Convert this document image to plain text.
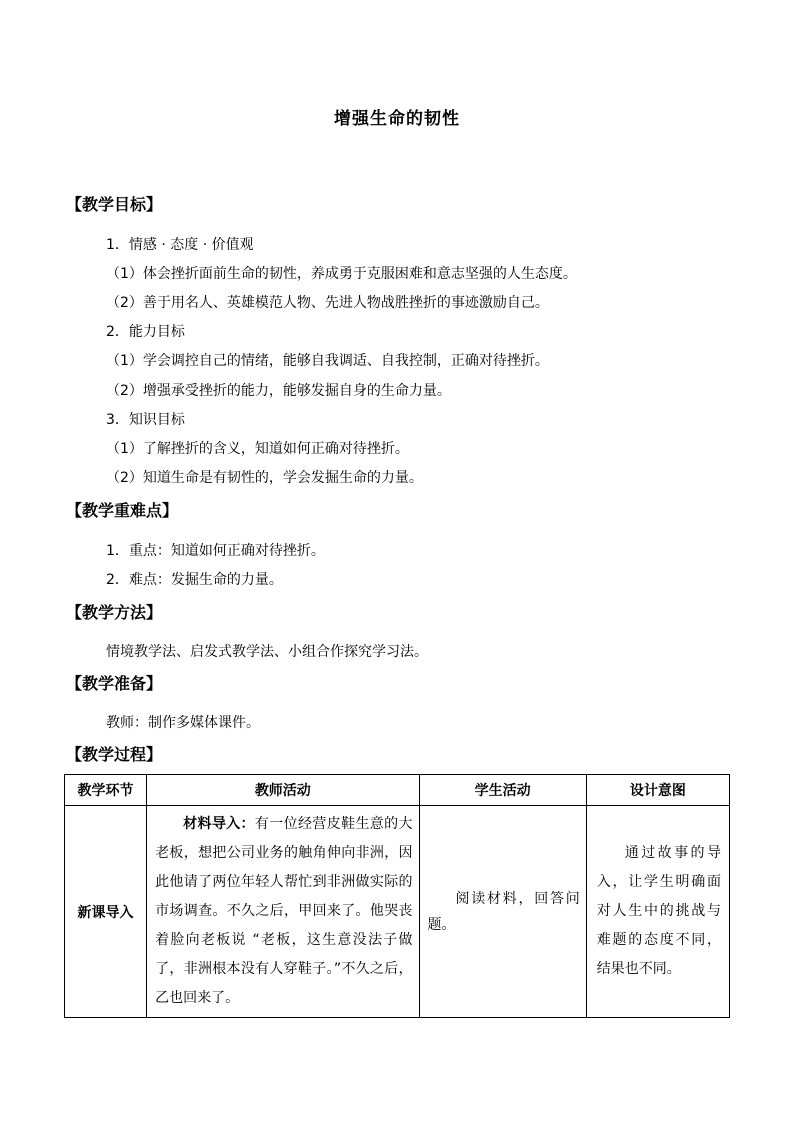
增强生命的韧性
【教学目标】
1．情感 · 态度 · 价值观
（1）体会挫折面前生命的韧性，养成勇于克服困难和意志坚强的人生态度。
（2）善于用名人、英雄模范人物、先进人物战胜挫折的事迹激励自己。
2．能力目标
（1）学会调控自己的情绪，能够自我调适、自我控制，正确对待挫折。
（2）增强承受挫折的能力，能够发掘自身的生命力量。
3．知识目标
（1）了解挫折的含义，知道如何正确对待挫折。
（2）知道生命是有韧性的，学会发掘生命的力量。
【教学重难点】
1．重点：知道如何正确对待挫折。
2．难点：发掘生命的力量。
【教学方法】
情境教学法、启发式教学法、小组合作探究学习法。
【教学准备】
教师：制作多媒体课件。
【教学过程】
教学环节	教师活动	学生活动	设计意图
新课导入	材料导入：有一位经营皮鞋生意的大老板，想把公司业务的触角伸向非洲，因此他请了两位年轻人帮忙到非洲做实际的市场调查。不久之后，甲回来了。他哭丧着脸向老板说 “老板，这生意没法子做了，非洲根本没有人穿鞋子。”不久之后，乙也回来了。	阅读材料，回答问题。	通过故事的导入，让学生明确面对人生中的挑战与难题的态度不同，结果也不同。
